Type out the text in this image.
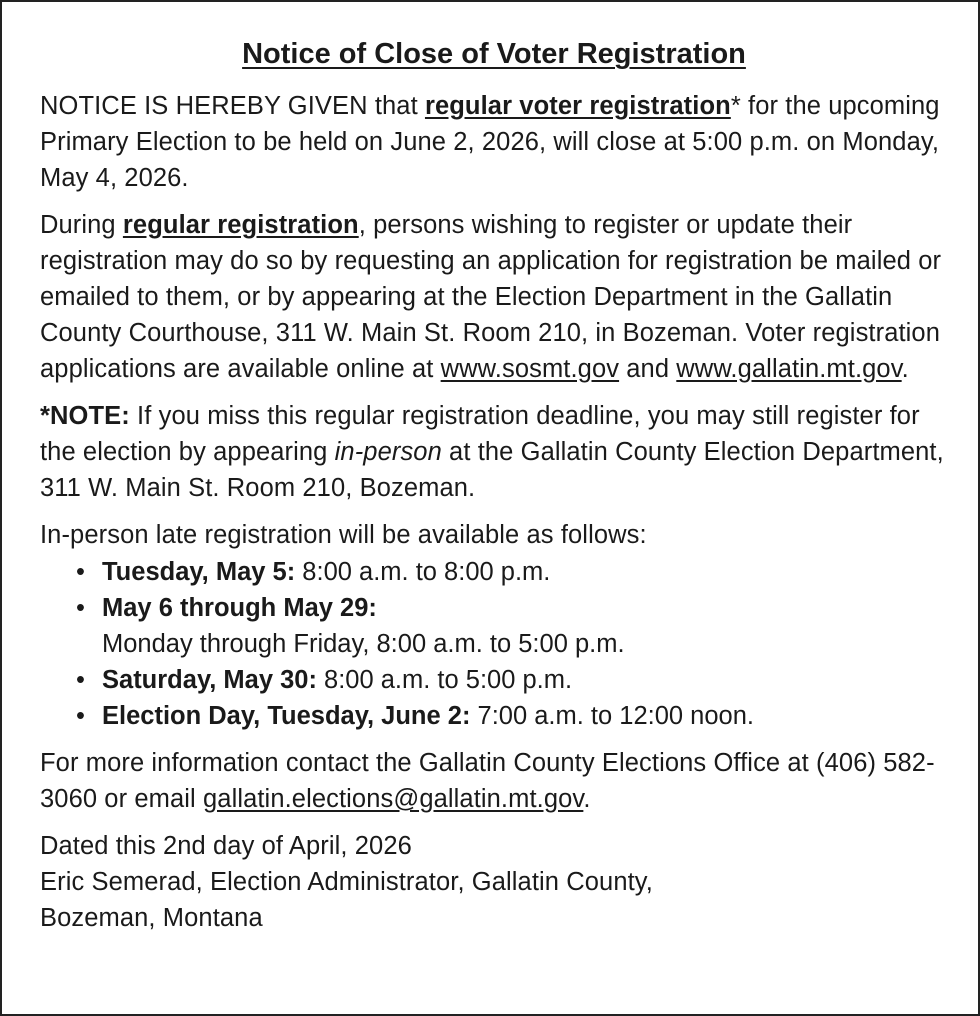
Notice of Close of Voter Registration

NOTICE IS HEREBY GIVEN that regular voter registration* for the upcoming Primary Election to be held on June 2, 2026, will close at 5:00 p.m. on Monday, May 4, 2026.

During regular registration, persons wishing to register or update their registration may do so by requesting an application for registration be mailed or emailed to them, or by appearing at the Election Department in the Gallatin County Courthouse, 311 W. Main St. Room 210, in Bozeman. Voter registration applications are available online at www.sosmt.gov and www.gallatin.mt.gov.

*NOTE: If you miss this regular registration deadline, you may still register for the election by appearing in-person at the Gallatin County Election Department, 311 W. Main St. Room 210, Bozeman.

In-person late registration will be available as follows:

• Tuesday, May 5: 8:00 a.m. to 8:00 p.m.
• May 6 through May 29:
Monday through Friday, 8:00 a.m. to 5:00 p.m.
• Saturday, May 30: 8:00 a.m. to 5:00 p.m.
• Election Day, Tuesday, June 2: 7:00 a.m. to 12:00 noon.

For more information contact the Gallatin County Elections Office at (406) 582-3060 or email gallatin.elections@gallatin.mt.gov.

Dated this 2nd day of April, 2026

Eric Semerad, Election Administrator, Gallatin County,

Bozeman, Montana
